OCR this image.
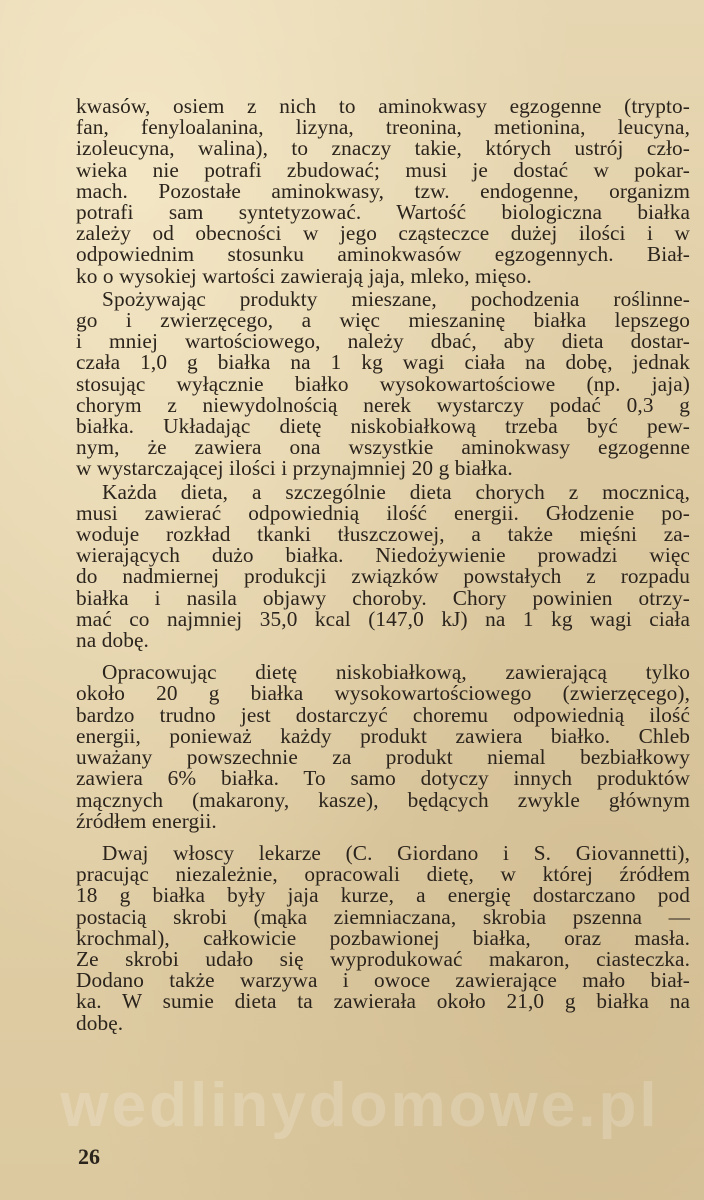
wedlinydomowe.pl

kwasów, osiem z nich to aminokwasy egzogenne (trypto-
fan, fenyloalanina, lizyna, treonina, metionina, leucyna,
izoleucyna, walina), to znaczy takie, których ustrój czło-
wieka nie potrafi zbudować; musi je dostać w pokar-
mach. Pozostałe aminokwasy, tzw. endogenne, organizm
potrafi sam syntetyzować. Wartość biologiczna białka
zależy od obecności w jego cząsteczce dużej ilości i w
odpowiednim stosunku aminokwasów egzogennych. Biał-
ko o wysokiej wartości zawierają jaja, mleko, mięso.

Spożywając produkty mieszane, pochodzenia roślinne-
go i zwierzęcego, a więc mieszaninę białka lepszego
i mniej wartościowego, należy dbać, aby dieta dostar-
czała 1,0 g białka na 1 kg wagi ciała na dobę, jednak
stosując wyłącznie białko wysokowartościowe (np. jaja)
chorym z niewydolnością nerek wystarczy podać 0,3 g
białka. Układając dietę niskobiałkową trzeba być pew-
nym, że zawiera ona wszystkie aminokwasy egzogenne
w wystarczającej ilości i przynajmniej 20 g białka.

Każda dieta, a szczególnie dieta chorych z mocznicą,
musi zawierać odpowiednią ilość energii. Głodzenie po-
woduje rozkład tkanki tłuszczowej, a także mięśni za-
wierających dużo białka. Niedożywienie prowadzi więc
do nadmiernej produkcji związków powstałych z rozpadu
białka i nasila objawy choroby. Chory powinien otrzy-
mać co najmniej 35,0 kcal (147,0 kJ) na 1 kg wagi ciała
na dobę.

Opracowując dietę niskobiałkową, zawierającą tylko
około 20 g białka wysokowartościowego (zwierzęcego),
bardzo trudno jest dostarczyć choremu odpowiednią ilość
energii, ponieważ każdy produkt zawiera białko. Chleb
uważany powszechnie za produkt niemal bezbiałkowy
zawiera 6% białka. To samo dotyczy innych produktów
mącznych (makarony, kasze), będących zwykle głównym
źródłem energii.

Dwaj włoscy lekarze (C. Giordano i S. Giovannetti),
pracując niezależnie, opracowali dietę, w której źródłem
18 g białka były jaja kurze, a energię dostarczano pod
postacią skrobi (mąka ziemniaczana, skrobia pszenna —
krochmal), całkowicie pozbawionej białka, oraz masła.
Ze skrobi udało się wyprodukować makaron, ciasteczka.
Dodano także warzywa i owoce zawierające mało biał-
ka. W sumie dieta ta zawierała około 21,0 g białka na
dobę.

26
